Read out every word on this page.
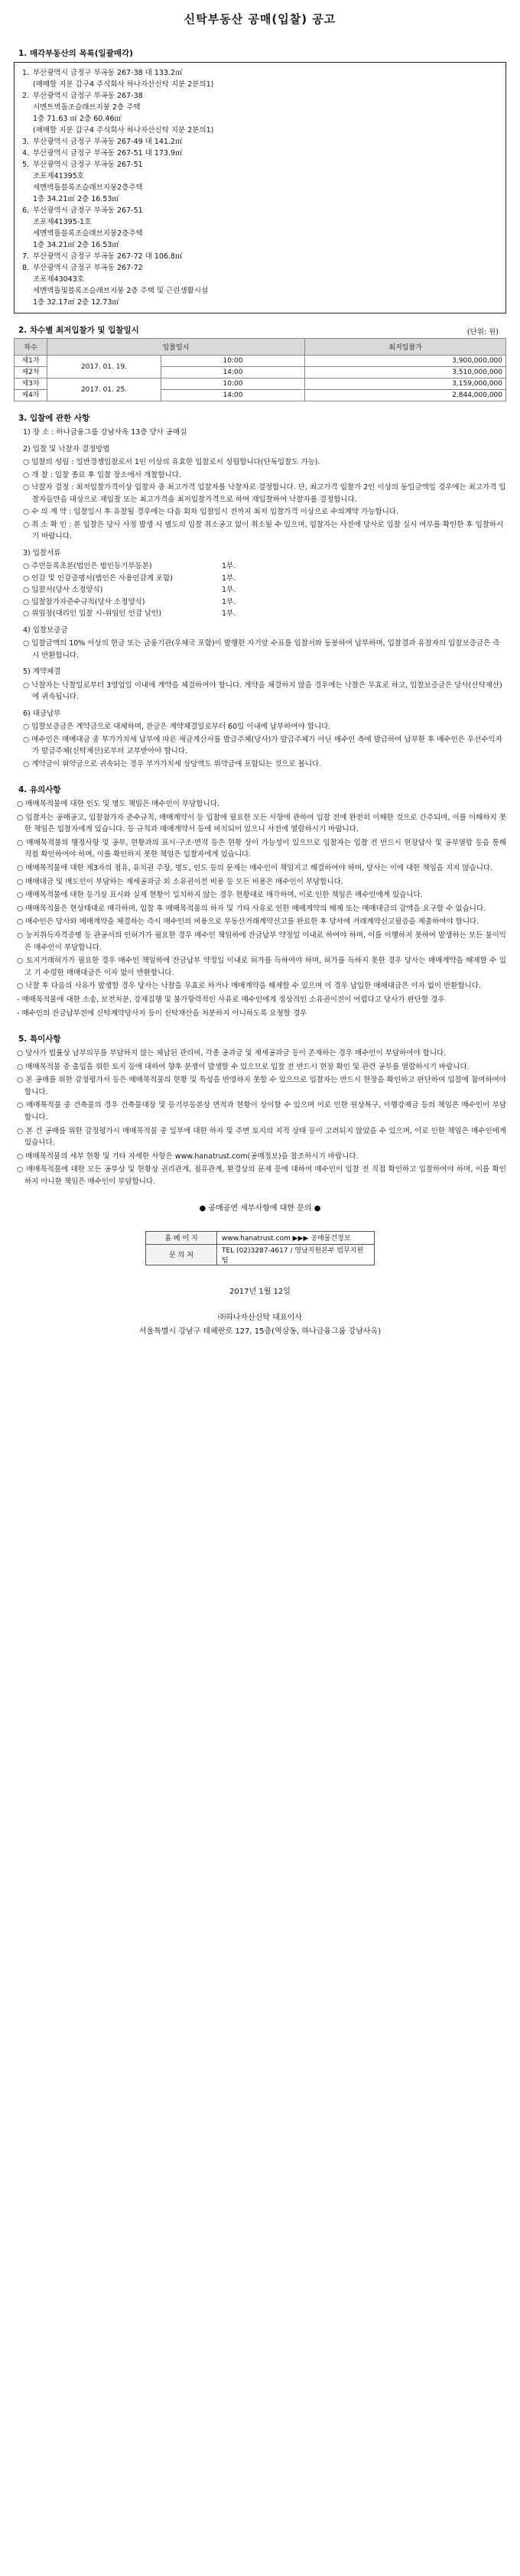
신탁부동산 공매(입찰) 공고
1. 매각부동산의 목록(일괄매각)
1. 부산광역시 금정구 부곡동 267-38 대 133.2㎡
(매매할 지분 갑구4 주식회사 하나자산신탁 지분 2분의1)
2. 부산광역시 금정구 부곡동 267-38
시멘트벽돌조슬래브지붕 2층 주택
1층 71.63 ㎡ 2층 60.46㎡
(매매할 지분 갑구4 주식회사 하나자산신탁 지분 2분의1)
3. 부산광역시 금정구 부곡동 267-49 대 141.2㎡
4. 부산광역시 금정구 부곡동 267-51 대 173.9㎡
5. 부산광역시 금정구 부곡동 267-51
조포제41395호
세멘벽돌블록조슬래브지붕2층주택
1층 34.21㎡ 2층 16.53㎡
6. 부산광역시 금정구 부곡동 267-51
조포제41395-1호
세멘벽돌블록조슬래브지붕2층주택
1층 34.21㎡ 2층 16.53㎡
7. 부산광역시 금정구 부곡동 267-72 대 106.8㎡
8. 부산광역시 금정구 부곡동 267-72
조포제43043호
세멘벽돌및블록조슬래브지붕 2층 주택 및 근린생활시설
1층 32.17㎡ 2층 12.73㎡
2. 차수별 최저입찰가 및 입찰일시	(단위: 원)
차수	입찰일시		최저입찰가
제1차	2017. 01. 19.	10:00	3,900,000,000
제2차		14:00	3,510,000,000
제3차	2017. 01. 25.	10:00	3,159,000,000
제4차		14:00	2,844,000,000
3. 입찰에 관한 사항
1) 장 소 : 하나금융그룹 강남사옥 13층 당사 공매실
2) 입찰 및 낙찰자 결정방법

○ 입찰의 성립 : 일반경쟁입찰로서 1인 이상의 유효한 입찰로서 성립합니다(단독입찰도 가능).

○ 개 찰 : 입찰 종료 후 입찰 장소에서 개찰합니다.

○ 낙찰자 결정 : 최저입찰가격이상 입찰자 중 최고가격 입찰자를 낙찰자로 결정합니다. 단, 최고가격 입찰가 2인 이상의 동일금액일 경우에는 최고가격 입찰자들만을 대상으로 재입찰 또는 최고가격을 최저입찰가격으로 하여 재입찰하여 낙찰자를 결정합니다.

○ 수 의 계 약 : 입찰일시 후 유찰될 경우에는 다음 회차 입찰일시 전까지 최저 입찰가격 이상으로 수의계약 가능합니다.

○ 취 소 확 인 : 본 입찰은 당사 사정 발생 시 별도의 입찰 취소공고 없이 취소될 수 있으며, 입찰자는 사전에 당사로 입찰 실시 여부를 확인한 후 입찰하시기 바랍니다.

3) 입찰서류
○ 주민등록초본(법인은 법인등기부등본)	1부.
○ 인감 및 인감증명서(법인은 사용인감계 포함)	1부.
○ 입찰서(당사 소정양식)	1부.
○ 입찰참가자준수규칙(당사 소정양식)	1부.
○ 위임장(대리인 입찰 시-위임인 인감 날인)	1부.
4) 입찰보증금

○ 입찰금액의 10% 이상의 현금 또는 금융기관(우체국 포함)이 발행한 자기앞 수표를 입찰서와 동봉하여 납부하며, 입찰결과 유찰자의 입찰보증금은 즉시 반환합니다.

5) 계약체결

○ 낙찰자는 낙찰일로부터 3영업일 이내에 계약을 체결하여야 합니다. 계약을 체결하지 않을 경우에는 낙찰은 무효로 하고, 입찰보증금은 당사(신탁재산)에 귀속됩니다.

6) 대금납부

○ 입찰보증금은 계약금으로 대체하며, 잔금은 계약체결일로부터 60일 이내에 납부하여야 합니다.

○ 매수인은 매매대금 중 부가가치세 납부에 따른 세금계산서를 발급주체(당사)가 발급주체가 아닌 매수인 측에 발급하여 납부한 후 매수인은 우선수익자가 발급주체(신탁재산)로부터 교부받아야 합니다.

○ 계약금이 위약금으로 귀속되는 경우 부가가치세 상당액도 위약금에 포함되는 것으로 봅니다.

4. 유의사항

○ 매매목적물에 대한 인도 및 명도 책임은 매수인이 부담합니다.

○ 입찰자는 공매공고, 입찰참가자 준수규칙, 매매계약서 등 입찰에 필요한 모든 사항에 관하여 입찰 전에 완전히 이해한 것으로 간주되며, 이를 이해하지 못한 책임은 입찰자에게 있습니다. 등 규칙과 매매계약서 등에 비치되어 있으니 사전에 열람하시기 바랍니다.

○ 매매목적물의 행정사항 및 공부, 현황과의 표시·구조·면적 등은 현황 상이 가능성이 있으므로 입찰자는 입찰 전 반드시 현장답사 및 공부열람 등을 통해 직접 확인하여야 하며, 이를 확인하지 못한 책임은 입찰자에게 있습니다.

○ 매매목적물에 대한 제3자의 점유, 유치권 주장, 명도, 인도 등의 문제는 매수인이 책임지고 해결하여야 하며, 당사는 이에 대한 책임을 지지 않습니다.

○ 매매대금 및 매도인이 부담하는 제세공과금 외 소유권이전 비용 등 모든 비용은 매수인이 부담합니다.

○ 매매목적물에 대한 등기상 표시와 실제 현황이 일치하지 않는 경우 현황대로 매각하며, 이로 인한 책임은 매수인에게 있습니다.

○ 매매목적물은 현상태대로 매각하며, 입찰 후 매매목적물의 하자 및 기타 사유로 인한 매매계약의 해제 또는 매매대금의 감액을 요구할 수 없습니다.

○ 매수인은 당사와 매매계약을 체결하는 즉시 매수인의 비용으로 부동산거래계약신고를 완료한 후 당사에 거래계약신고필증을 제출하여야 합니다.

○ 농지취득자격증명 등 관공서의 인허가가 필요한 경우 매수인 책임하에 잔금납부 약정일 이내로 하여야 하며, 이를 이행하지 못하여 발생하는 모든 불이익은 매수인이 부담합니다.

○ 토지거래허가가 필요한 경우 매수인 책임하에 잔금납부 약정일 이내로 허가를 득하여야 하며, 허가를 득하지 못한 경우 당사는 매매계약을 해제할 수 있고 기 수령한 매매대금은 이자 없이 반환합니다.

○ 낙찰 후 다음의 사유가 발생할 경우 당사는 낙찰을 무효로 하거나 매매계약을 해제할 수 있으며 이 경우 납입한 매매대금은 이자 없이 반환합니다.

- 매매목적물에 대한 소송, 보전처분, 강제집행 및 불가항력적인 사유로 매수인에게 정상적인 소유권이전이 어렵다고 당사가 판단할 경우

- 매수인의 잔금납부전에 신탁계약당사자 등이 신탁재산을 처분하지 아니하도록 요청할 경우

5. 특이사항

○ 당사가 법률상 납부의무를 부담하지 않는 체납된 관리비, 각종 공과금 및 제세공과금 등이 존재하는 경우 매수인이 부담하여야 합니다.

○ 매매목적물 중 출입을 위한 토지 등에 대하여 향후 분쟁이 발생할 수 있으므로 입찰 전 반드시 현장 확인 및 관련 공부를 열람하시기 바랍니다.

○ 본 공매를 위한 감정평가서 등은 매매목적물의 현황 및 특성을 반영하지 못할 수 있으므로 입찰자는 반드시 현장을 확인하고 판단하여 입찰에 참여하여야 합니다.

○ 매매목적물 중 건축물의 경우 건축물대장 및 등기부등본상 면적과 현황이 상이할 수 있으며 이로 인한 원상복구, 이행강제금 등의 책임은 매수인이 부담합니다.

○ 본 건 공매를 위한 감정평가시 매매목적물 중 일부에 대한 하자 및 주변 토지의 지적 상태 등이 고려되지 않았을 수 있으며, 이로 인한 책임은 매수인에게 있습니다.

○ 매매목적물의 세부 현황 및 기타 자세한 사항은 www.hanatrust.com(공매정보)을 참조하시기 바랍니다.

○ 매매목적물에 대한 모든 공부상 및 현황상 권리관계, 점유관계, 환경상의 문제 등에 대하여 매수인이 입찰 전 직접 확인하고 입찰하여야 하며, 이를 확인하지 아니한 책임은 매수인이 부담합니다.

● 공매공연 세부사항에 대한 문의 ●
홈 페 이 지	www.hanatrust.com ▶▶▶ 공매물건정보
문 의 처	TEL (02)3287-4617 / 영남지원본부 법무지원팀
2017년 1월 12일
㈜하나자산신탁 대표이사
서울특별시 강남구 테헤란로 127, 15층(역삼동, 하나금융그룹 강남사옥)
